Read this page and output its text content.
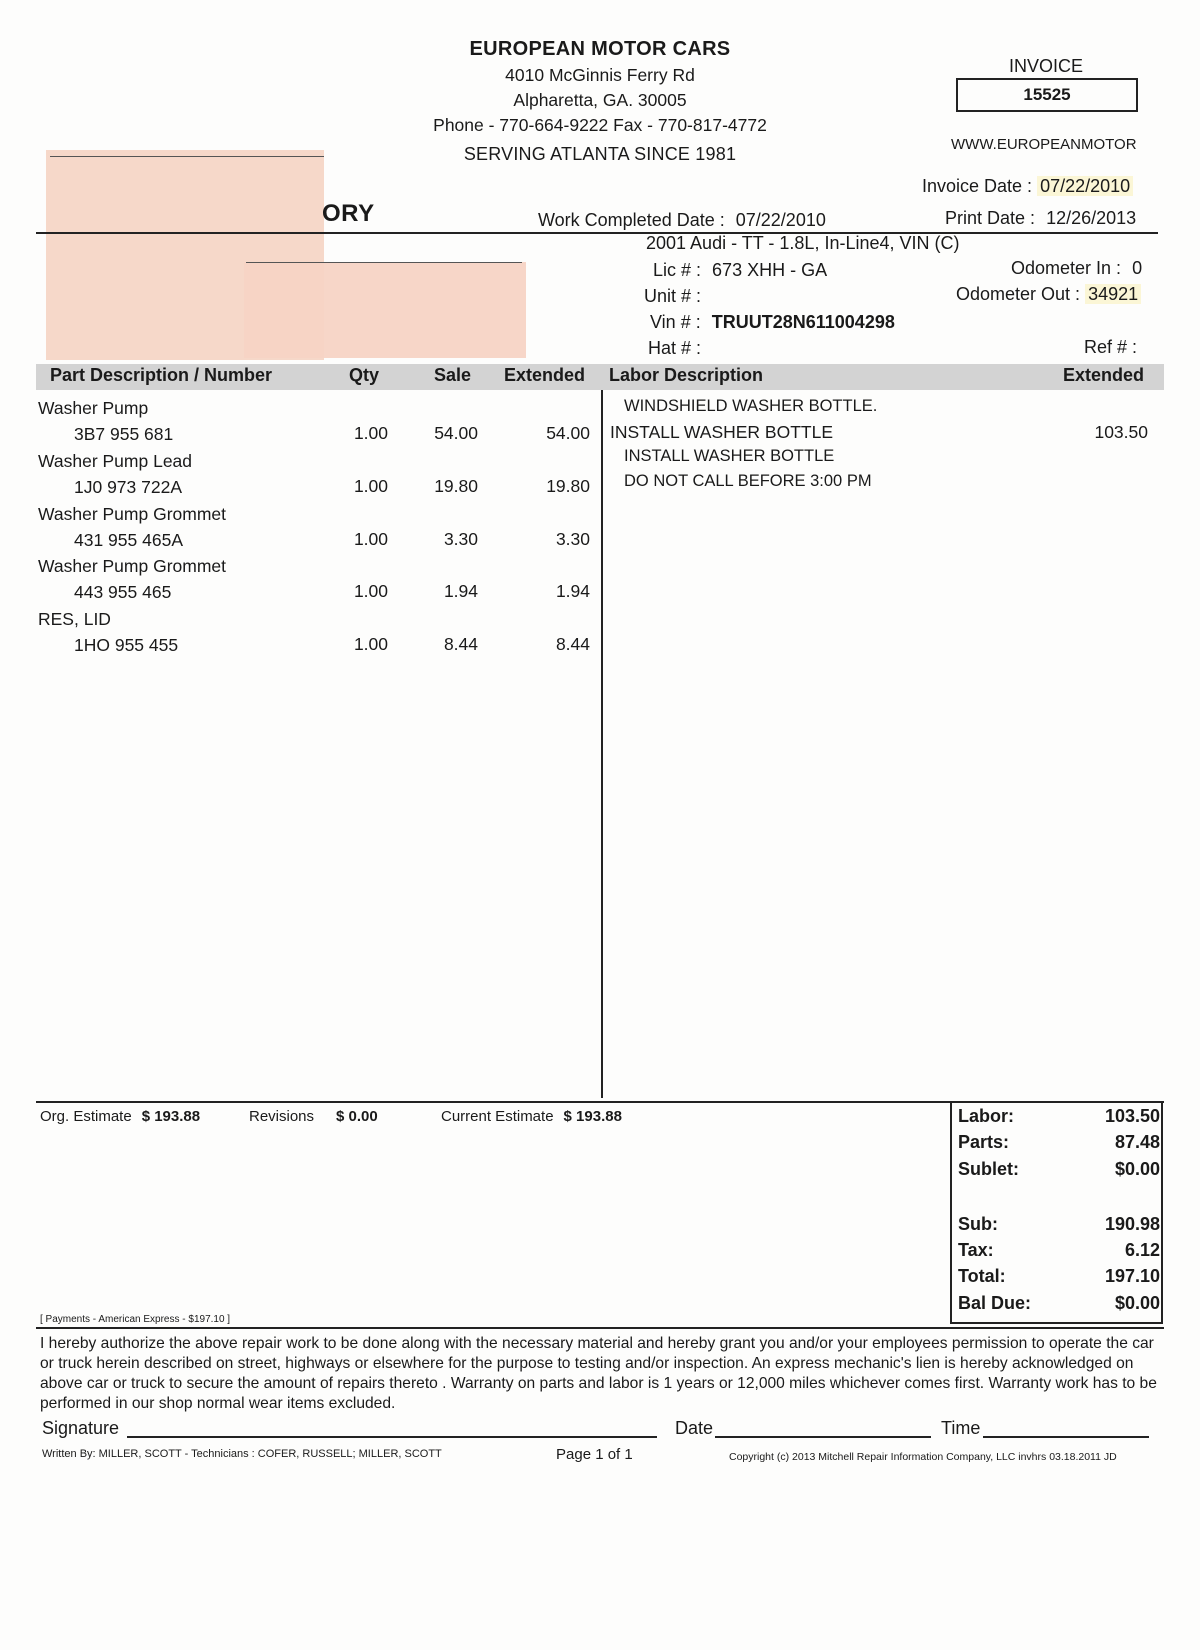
EUROPEAN MOTOR CARS
4010 McGinnis Ferry Rd
Alpharetta, GA. 30005
Phone - 770-664-9222 Fax - 770-817-4772
SERVING ATLANTA SINCE 1981
INVOICE
15525
WWW.EUROPEANMOTOR
Invoice Date : 07/22/2010
Work Completed Date : 07/22/2010	Print Date : 12/26/2013
ORY
2001 Audi - TT - 1.8L, In-Line4, VIN (C)
Lic # : 673 XHH - GA
Unit # :
Vin # : TRUUT28N611004298
Hat # :
Odometer In : 0
Odometer Out : 34921
Ref # :
Part Description / Number	Qty	Sale Extended Labor Description	Extended
Washer Pump
3B7 955 681	1.00	54.00	54.00
Washer Pump Lead
1J0 973 722A	1.00	19.80	19.80
Washer Pump Grommet
431 955 465A	1.00	3.30	3.30
Washer Pump Grommet
443 955 465	1.00	1.94	1.94
RES, LID
1HO 955 455	1.00	8.44	8.44
WINDSHIELD WASHER BOTTLE.
INSTALL WASHER BOTTLE	103.50
INSTALL WASHER BOTTLE
DO NOT CALL BEFORE 3:00 PM
Org. Estimate $ 193.88	Revisions $ 0.00	Current Estimate $ 193.88	Labor:	103.50
Parts:	87.48
Sublet:	$0.00
Sub:	190.98
Tax:	6.12
Total:	197.10
Bal Due:	$0.00
[ Payments - American Express - $197.10 ]
I hereby authorize the above repair work to be done along with the necessary material and hereby grant you and/or your employees permission to operate the car or truck herein described on street, highways or elsewhere for the purpose to testing and/or inspection. An express mechanic's lien is hereby acknowledged on above car or truck to secure the amount of repairs thereto . Warranty on parts and labor is 1 years or 12,000 miles whichever comes first. Warranty work has to be performed in our shop normal wear items excluded.
Signature	Date	Time
Written By: MILLER, SCOTT - Technicians : COFER, RUSSELL; MILLER, SCOTT	Page 1 of 1	Copyright (c) 2013 Mitchell Repair Information Company, LLC invhrs 03.18.2011 JD
